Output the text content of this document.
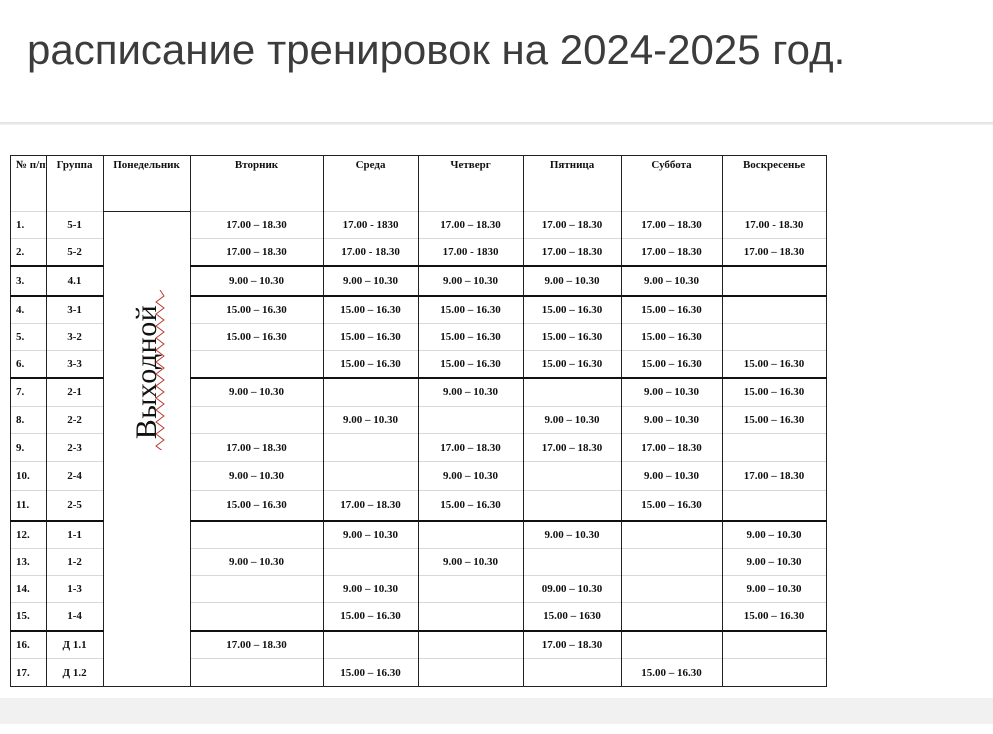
расписание тренировок на 2024-2025 год.
№ п/п	Группа	Понедельник	Вторник	Среда	Четверг	Пятница	Суббота	Воскресенье
1.	5-1	Выходной	17.00 – 18.30	17.00 - 1830	17.00 – 18.30	17.00 – 18.30	17.00 – 18.30	17.00 - 18.30
2.	5-2		17.00 – 18.30	17.00 - 18.30	17.00 - 1830	17.00 – 18.30	17.00 – 18.30	17.00 – 18.30
3.	4.1		9.00 – 10.30	9.00 – 10.30	9.00 – 10.30	9.00 – 10.30	9.00 – 10.30	
4.	3-1		15.00 – 16.30	15.00 – 16.30	15.00 – 16.30	15.00 – 16.30	15.00 – 16.30	
5.	3-2		15.00 – 16.30	15.00 – 16.30	15.00 – 16.30	15.00 – 16.30	15.00 – 16.30	
6.	3-3			15.00 – 16.30	15.00 – 16.30	15.00 – 16.30	15.00 – 16.30	15.00 – 16.30
7.	2-1		9.00 – 10.30		9.00 – 10.30		9.00 – 10.30	15.00 – 16.30
8.	2-2			9.00 – 10.30		9.00 – 10.30	9.00 – 10.30	15.00 – 16.30
9.	2-3		17.00 – 18.30		17.00 – 18.30	17.00 – 18.30	17.00 – 18.30	
10.	2-4		9.00 – 10.30		9.00 – 10.30		9.00 – 10.30	17.00 – 18.30
11.	2-5		15.00 – 16.30	17.00 – 18.30	15.00 – 16.30		15.00 – 16.30	
12.	1-1			9.00 – 10.30		9.00 – 10.30		9.00 – 10.30
13.	1-2		9.00 – 10.30		9.00 – 10.30			9.00 – 10.30
14.	1-3			9.00 – 10.30		09.00 – 10.30		9.00 – 10.30
15.	1-4			15.00 – 16.30		15.00 – 1630		15.00 – 16.30
16.	Д 1.1		17.00 – 18.30			17.00 – 18.30		
17.	Д 1.2			15.00 – 16.30			15.00 – 16.30	
